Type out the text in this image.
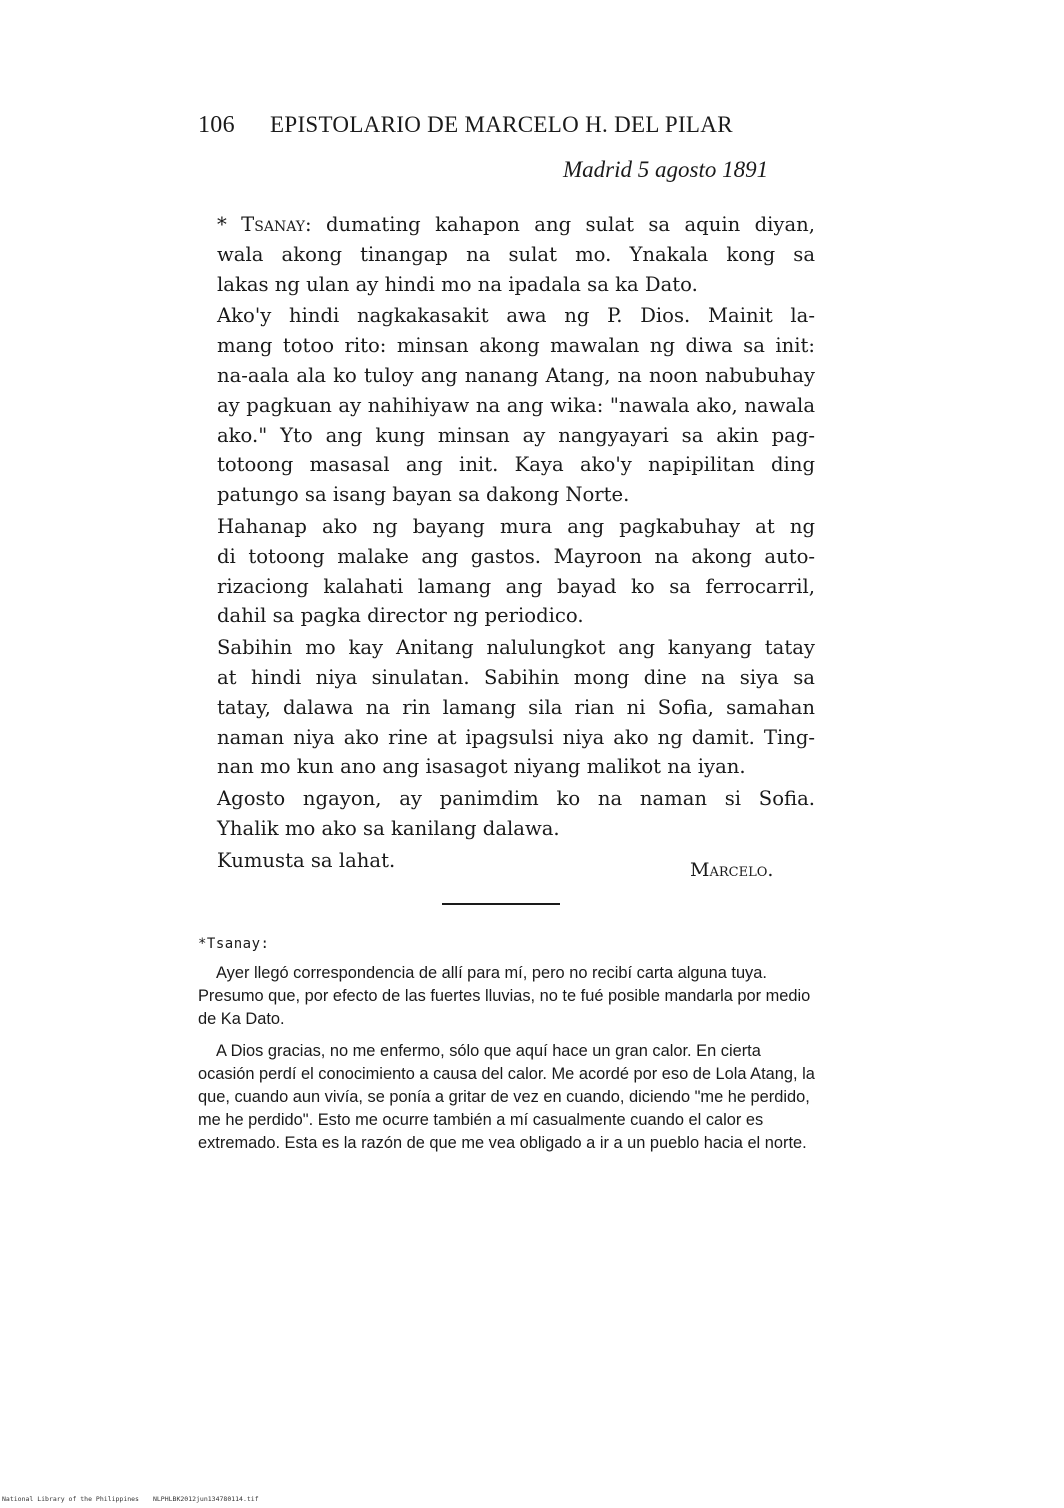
106 EPISTOLARIO DE MARCELO H. DEL PILAR
Madrid 5 agosto 1891

* Tsanay: dumating kahapon ang sulat sa aquin diyan,
wala akong tinangap na sulat mo. Ynakala kong sa
lakas ng ulan ay hindi mo na ipadala sa ka Dato.

Ako'y hindi nagkakasakit awa ng P. Dios. Mainit la-
mang totoo rito: minsan akong mawalan ng diwa sa init:
na-aala ala ko tuloy ang nanang Atang, na noon nabubuhay
ay pagkuan ay nahihiyaw na ang wika: "nawala ako, nawala
ako." Yto ang kung minsan ay nangyayari sa akin pag-
totoong masasal ang init. Kaya ako'y napipilitan ding
patungo sa isang bayan sa dakong Norte.

Hahanap ako ng bayang mura ang pagkabuhay at ng
di totoong malake ang gastos. Mayroon na akong auto-
rizaciong kalahati lamang ang bayad ko sa ferrocarril,
dahil sa pagka director ng periodico.

Sabihin mo kay Anitang nalulungkot ang kanyang tatay
at hindi niya sinulatan. Sabihin mong dine na siya sa
tatay, dalawa na rin lamang sila rian ni Sofia, samahan
naman niya ako rine at ipagsulsi niya ako ng damit. Ting-
nan mo kun ano ang isasagot niyang malikot na iyan.

Agosto ngayon, ay panimdim ko na naman si Sofia.
Yhalik mo ako sa kanilang dalawa.

Kumusta sa lahat.	Marcelo.
*Tsanay:

Ayer llegó correspondencia de allí para mí, pero no recibí carta alguna tuya. Presumo que, por efecto de las fuertes lluvias, no te fué posible mandarla por medio de Ka Dato.

A Dios gracias, no me enfermo, sólo que aquí hace un gran calor. En cierta ocasión perdí el conocimiento a causa del calor. Me acordé por eso de Lola Atang, la que, cuando aun vivía, se ponía a gritar de vez en cuando, diciendo "me he perdido, me he perdido". Esto me ocurre también a mí casualmente cuando el calor es extremado. Esta es la razón de que me vea obligado a ir a un pueblo hacia el norte.

National Library of the Philippines NLPHLBK2012jun134780114.tif
